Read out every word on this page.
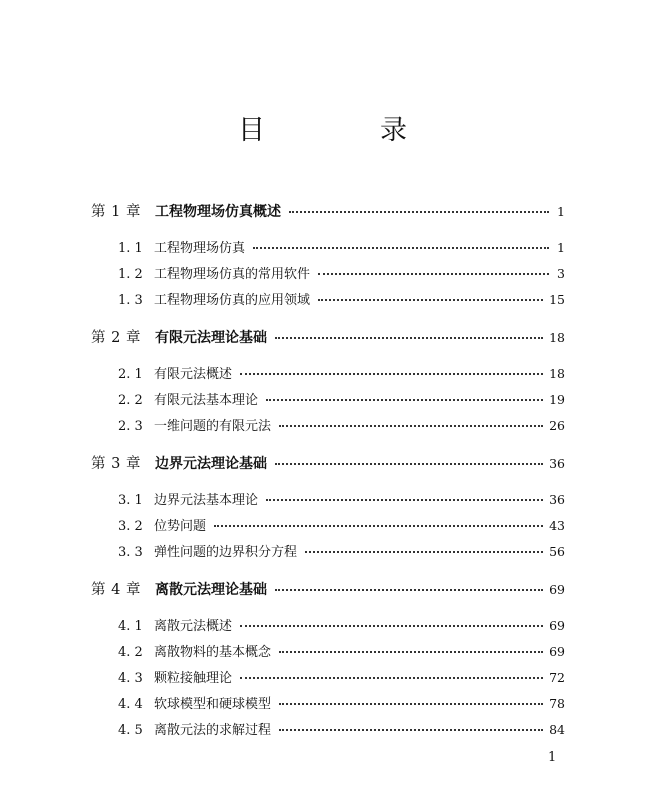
目　录
第 1 章	工程物理场仿真概述	1
1. 1 工程物理场仿真	1
1. 2 工程物理场仿真的常用软件	3
1. 3 工程物理场仿真的应用领域	15
第 2 章	有限元法理论基础	18
2. 1 有限元法概述	18
2. 2 有限元法基本理论	19
2. 3 一维问题的有限元法	26
第 3 章	边界元法理论基础	36
3. 1 边界元法基本理论	36
3. 2 位势问题	43
3. 3 弹性问题的边界积分方程	56
第 4 章	离散元法理论基础	69
4. 1 离散元法概述	69
4. 2 离散物料的基本概念	69
4. 3 颗粒接触理论	72
4. 4 软球模型和硬球模型	78
4. 5 离散元法的求解过程	84
1
